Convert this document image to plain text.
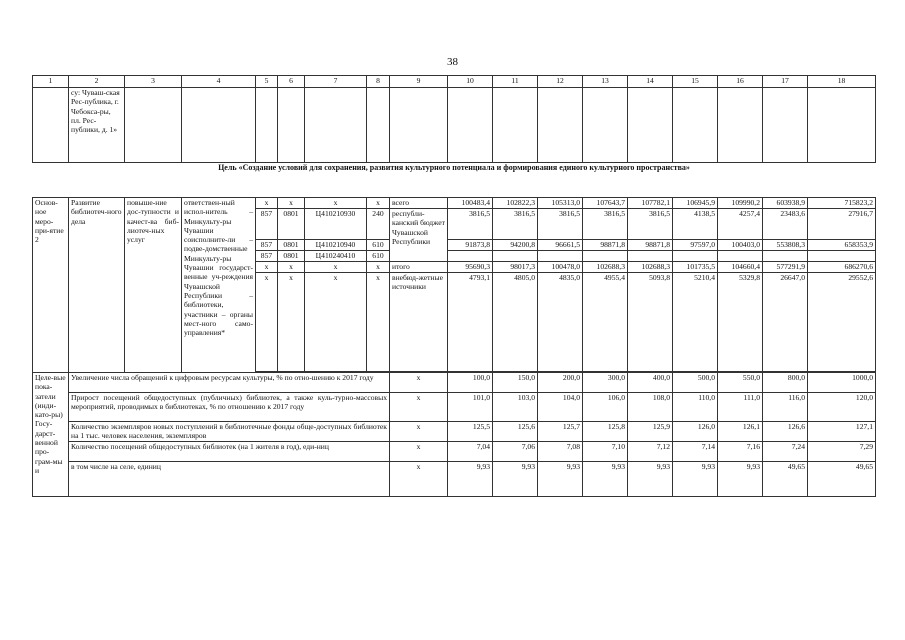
38
1	2	3	4	5	6	7	8	9	10	11	12	13	14	15	16	17	18
	су: Чуваш-ская Рес-публика, г. Чебокса-ры, пл. Рес-публики, д. 1»																
Цель «Создание условий для сохранения, развития культурного потенциала и формирования единого культурного пространства»																	
Основ-ное меро-при-ятие 2	Развитие библиотеч-ного дела	повыше-ние дос-тупности и качест-ва биб-лиотеч-ных услуг	ответствен-ный испол-нитель – Минкульту-ры Чувашии соисполните-ли – подве-домственные Минкульту-ры Чувашии государст-венные уч-реждения Чувашской Республики – библиотеки, участники – органы мест-ного само-управления*	x	x	x	x	всего	100483,4	102822,3	105313,0	107643,7	107782,1	106945,9	109990,2	603938,9	715823,2
				857	0801	Ц410210930	240	республи-канский бюджет Чувашской Республики	3816,5	3816,5	3816,5	3816,5	3816,5	4138,5	4257,4	23483,6	27916,7
				857	0801	Ц410210940	610		91873,8	94200,8	96661,5	98871,8	98871,8	97597,0	100403,0	553808,3	658353,9
				857	0801	Ц410240410	610										
				x	x	x	x	итого	95690,3	98017,3	100478,0	102688,3	102688,3	101735,5	104660,4	577291,9	686270,6
				x	x	x	x	внебюд-жетные источники	4793,1	4805,0	4835,0	4955,4	5093,8	5210,4	5329,8	26647,0	29552,6

Целе-вые пока-затели (инди-като-ры) Госу-дарст-венной про-грам-мы и	Увеличение числа обращений к цифровым ресурсам культуры, % по отно-шению к 2017 году							x	100,0	150,0	200,0	300,0	400,0	500,0	550,0	800,0	1000,0
	Прирост посещений общедоступных (публичных) библиотек, а также куль-турно-массовых мероприятий, проводимых в библиотеках, % по отношению к 2017 году							x	101,0	103,0	104,0	106,0	108,0	110,0	111,0	116,0	120,0
	Количество экземпляров новых поступлений в библиотечные фонды обще-доступных библиотек на 1 тыс. человек населения, экземпляров							x	125,5	125,6	125,7	125,8	125,9	126,0	126,1	126,6	127,1
	Количество посещений общедоступных библиотек (на 1 жителя в год), еди-ниц							x	7,04	7,06	7,08	7,10	7,12	7,14	7,16	7,24	7,29
	в том числе на селе, единиц							x	9,93	9,93	9,93	9,93	9,93	9,93	9,93	49,65	49,65
